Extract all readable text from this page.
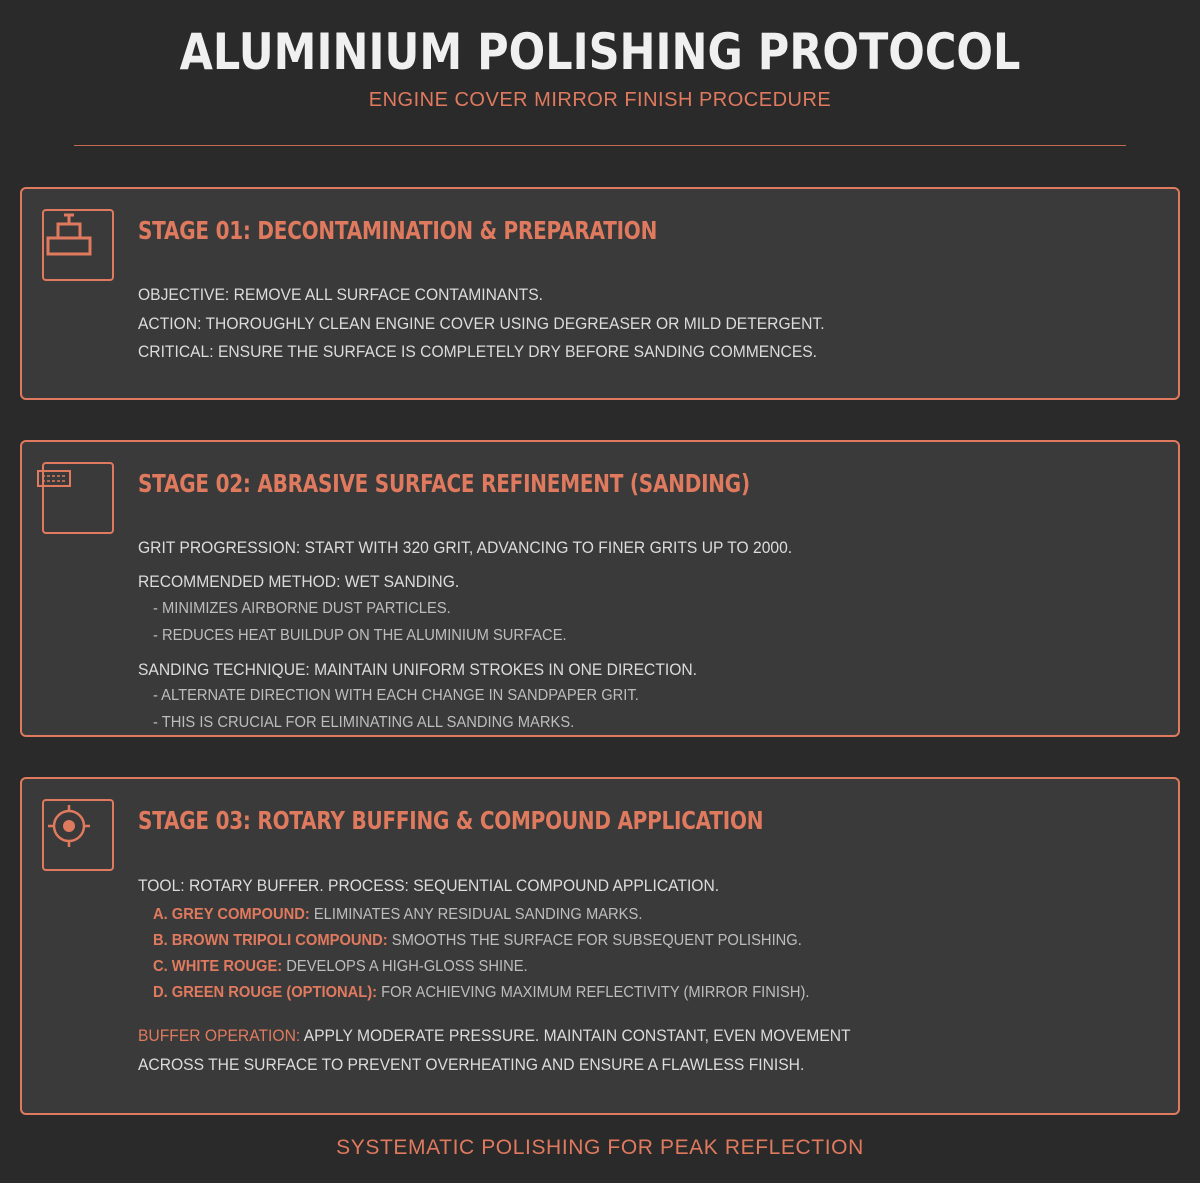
ALUMINIUM POLISHING PROTOCOL
ENGINE COVER MIRROR FINISH PROCEDURE
STAGE 01: DECONTAMINATION & PREPARATION
OBJECTIVE: REMOVE ALL SURFACE CONTAMINANTS.
ACTION: THOROUGHLY CLEAN ENGINE COVER USING DEGREASER OR MILD DETERGENT.
CRITICAL: ENSURE THE SURFACE IS COMPLETELY DRY BEFORE SANDING COMMENCES.
STAGE 02: ABRASIVE SURFACE REFINEMENT (SANDING)
GRIT PROGRESSION: START WITH 320 GRIT, ADVANCING TO FINER GRITS UP TO 2000.
RECOMMENDED METHOD: WET SANDING.
- MINIMIZES AIRBORNE DUST PARTICLES.
- REDUCES HEAT BUILDUP ON THE ALUMINIUM SURFACE.
SANDING TECHNIQUE: MAINTAIN UNIFORM STROKES IN ONE DIRECTION.
- ALTERNATE DIRECTION WITH EACH CHANGE IN SANDPAPER GRIT.
- THIS IS CRUCIAL FOR ELIMINATING ALL SANDING MARKS.
STAGE 03: ROTARY BUFFING & COMPOUND APPLICATION
TOOL: ROTARY BUFFER. PROCESS: SEQUENTIAL COMPOUND APPLICATION.
A. GREY COMPOUND: ELIMINATES ANY RESIDUAL SANDING MARKS.
B. BROWN TRIPOLI COMPOUND: SMOOTHS THE SURFACE FOR SUBSEQUENT POLISHING.
C. WHITE ROUGE: DEVELOPS A HIGH-GLOSS SHINE.
D. GREEN ROUGE (OPTIONAL): FOR ACHIEVING MAXIMUM REFLECTIVITY (MIRROR FINISH).
BUFFER OPERATION: APPLY MODERATE PRESSURE. MAINTAIN CONSTANT, EVEN MOVEMENT
ACROSS THE SURFACE TO PREVENT OVERHEATING AND ENSURE A FLAWLESS FINISH.
SYSTEMATIC POLISHING FOR PEAK REFLECTION
